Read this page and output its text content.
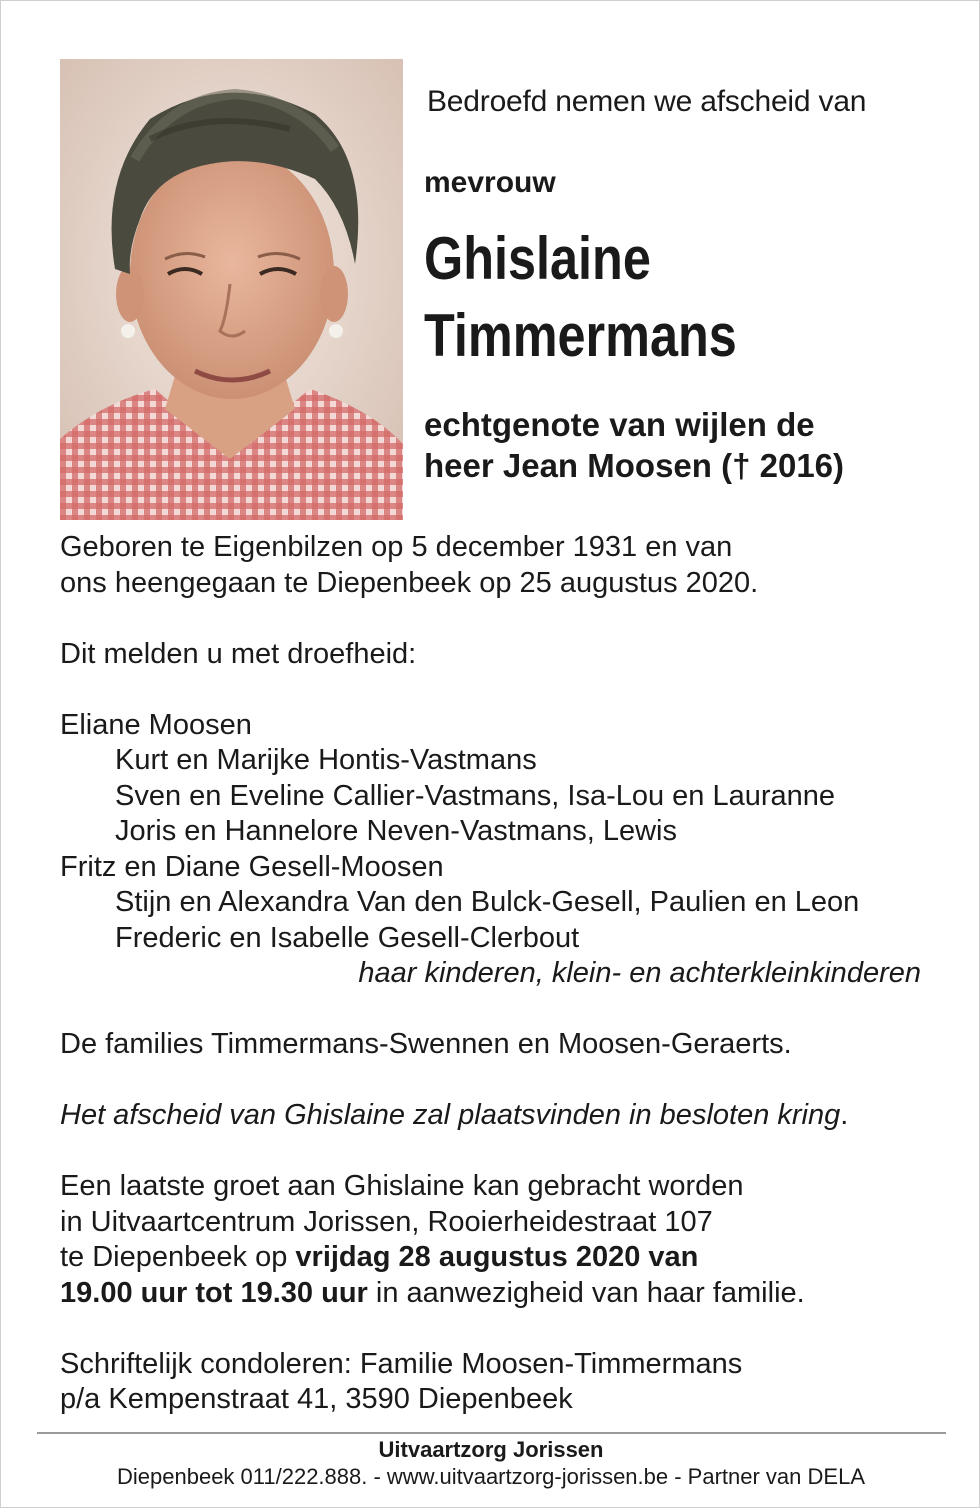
Bedroefd nemen we afscheid van
mevrouw
Ghislaine
Timmermans
echtgenote van wijlen de
heer Jean Moosen († 2016)

Geboren te Eigenbilzen op 5 december 1931 en van

ons heengegaan te Diepenbeek op 25 augustus 2020.

Dit melden u met droefheid:

Eliane Moosen

Kurt en Marijke Hontis-Vastmans

Sven en Eveline Callier-Vastmans, Isa-Lou en Lauranne

Joris en Hannelore Neven-Vastmans, Lewis

Fritz en Diane Gesell-Moosen

Stijn en Alexandra Van den Bulck-Gesell, Paulien en Leon

Frederic en Isabelle Gesell-Clerbout

haar kinderen, klein- en achterkleinkinderen

De families Timmermans-Swennen en Moosen-Geraerts.

Het afscheid van Ghislaine zal plaatsvinden in besloten kring.

Een laatste groet aan Ghislaine kan gebracht worden

in Uitvaartcentrum Jorissen, Rooierheidestraat 107

te Diepenbeek op vrijdag 28 augustus 2020 van

19.00 uur tot 19.30 uur in aanwezigheid van haar familie.

Schriftelijk condoleren: Familie Moosen-Timmermans

p/a Kempenstraat 41, 3590 Diepenbeek

Uitvaartzorg Jorissen
Diepenbeek 011/222.888. - www.uitvaartzorg-jorissen.be - Partner van DELA
